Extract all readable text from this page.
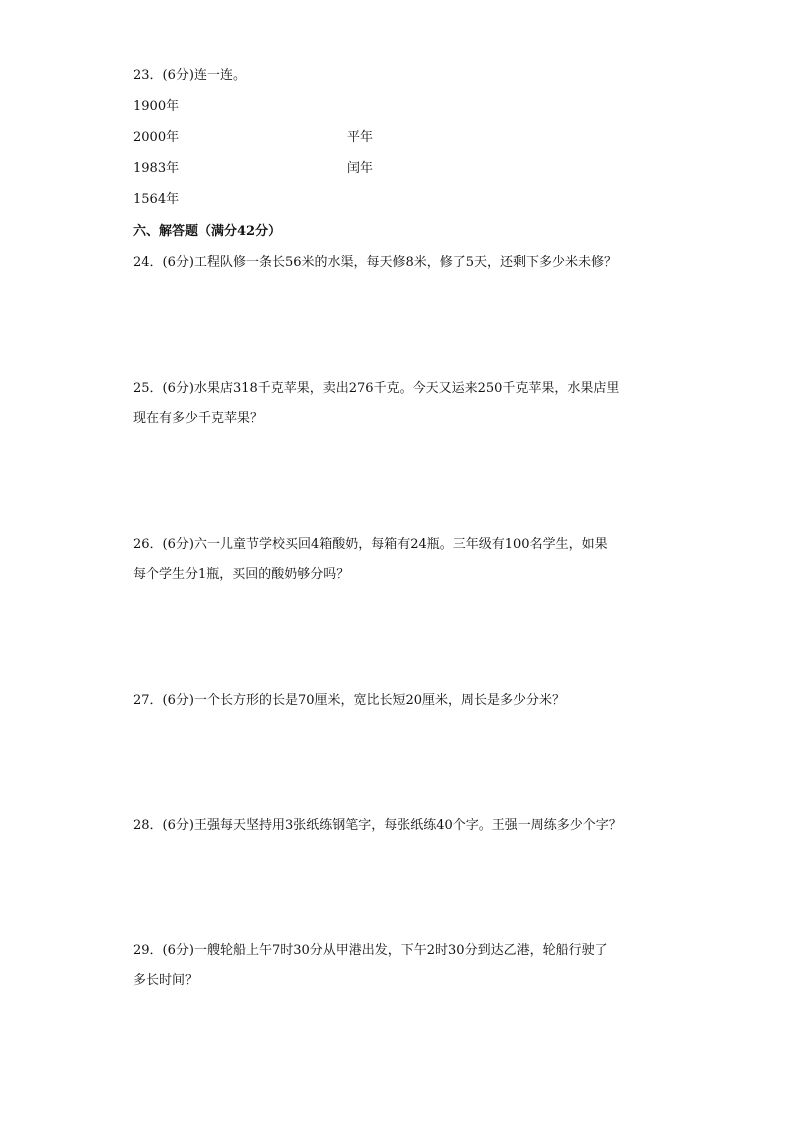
23．(6分)连一连。
1900年
2000年	平年
1983年	闰年
1564年
六、解答题（满分42分）
24．(6分)工程队修一条长56米的水渠，每天修8米，修了5天，还剩下多少米未修？
25．(6分)水果店318千克苹果，卖出276千克。今天又运来250千克苹果，水果店里
现在有多少千克苹果？
26．(6分)六一儿童节学校买回4箱酸奶，每箱有24瓶。三年级有100名学生，如果
每个学生分1瓶，买回的酸奶够分吗？
27．(6分)一个长方形的长是70厘米，宽比长短20厘米，周长是多少分米？
28．(6分)王强每天坚持用3张纸练钢笔字，每张纸练40个字。王强一周练多少个字？
29．(6分)一艘轮船上午7时30分从甲港出发，下午2时30分到达乙港，轮船行驶了
多长时间？
